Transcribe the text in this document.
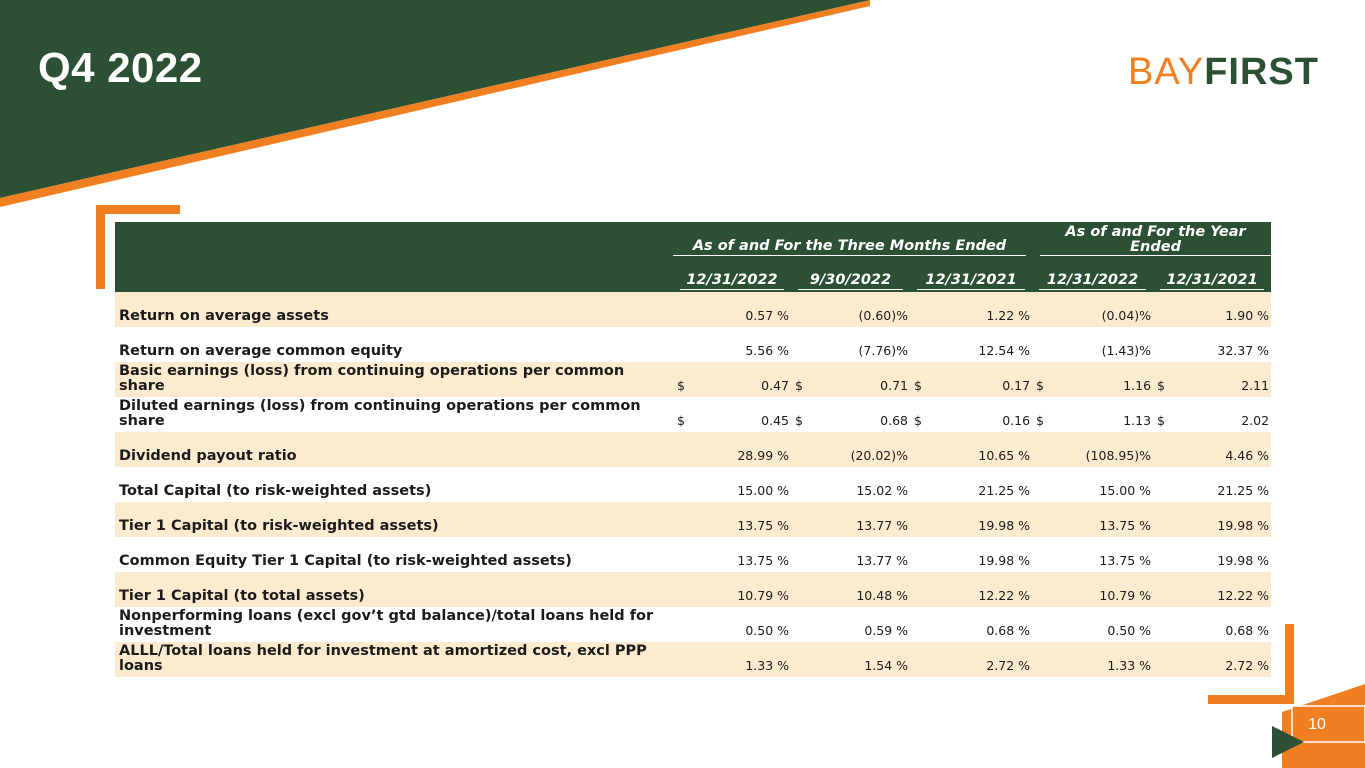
Q4 2022	BAYFIRST
10

	As of and For the Three Months Ended			As of and For the Year Ended	

	12/31/2022	9/30/2022	12/31/2021	12/31/2022	12/31/2021

Return on average assets	0.57 %	(0.60)%	1.22 %	(0.04)%	1.90 %
Return on average common equity	5.56 %	(7.76)%	12.54 %	(1.43)%	32.37 %
Basic earnings (loss) from continuing operations per common share	$ 0.47	$ 0.71	$ 0.17	$ 1.16	$ 2.11
Diluted earnings (loss) from continuing operations per common share	$ 0.45	$ 0.68	$ 0.16	$ 1.13	$ 2.02
Dividend payout ratio	28.99 %	(20.02)%	10.65 %	(108.95)%	4.46 %
Total Capital (to risk-weighted assets)	15.00 %	15.02 %	21.25 %	15.00 %	21.25 %
Tier 1 Capital (to risk-weighted assets)	13.75 %	13.77 %	19.98 %	13.75 %	19.98 %
Common Equity Tier 1 Capital (to risk-weighted assets)	13.75 %	13.77 %	19.98 %	13.75 %	19.98 %
Tier 1 Capital (to total assets)	10.79 %	10.48 %	12.22 %	10.79 %	12.22 %
Nonperforming loans (excl gov’t gtd balance)/total loans held for investment	0.50 %	0.59 %	0.68 %	0.50 %	0.68 %
ALLL/Total loans held for investment at amortized cost, excl PPP loans	1.33 %	1.54 %	2.72 %	1.33 %	2.72 %
